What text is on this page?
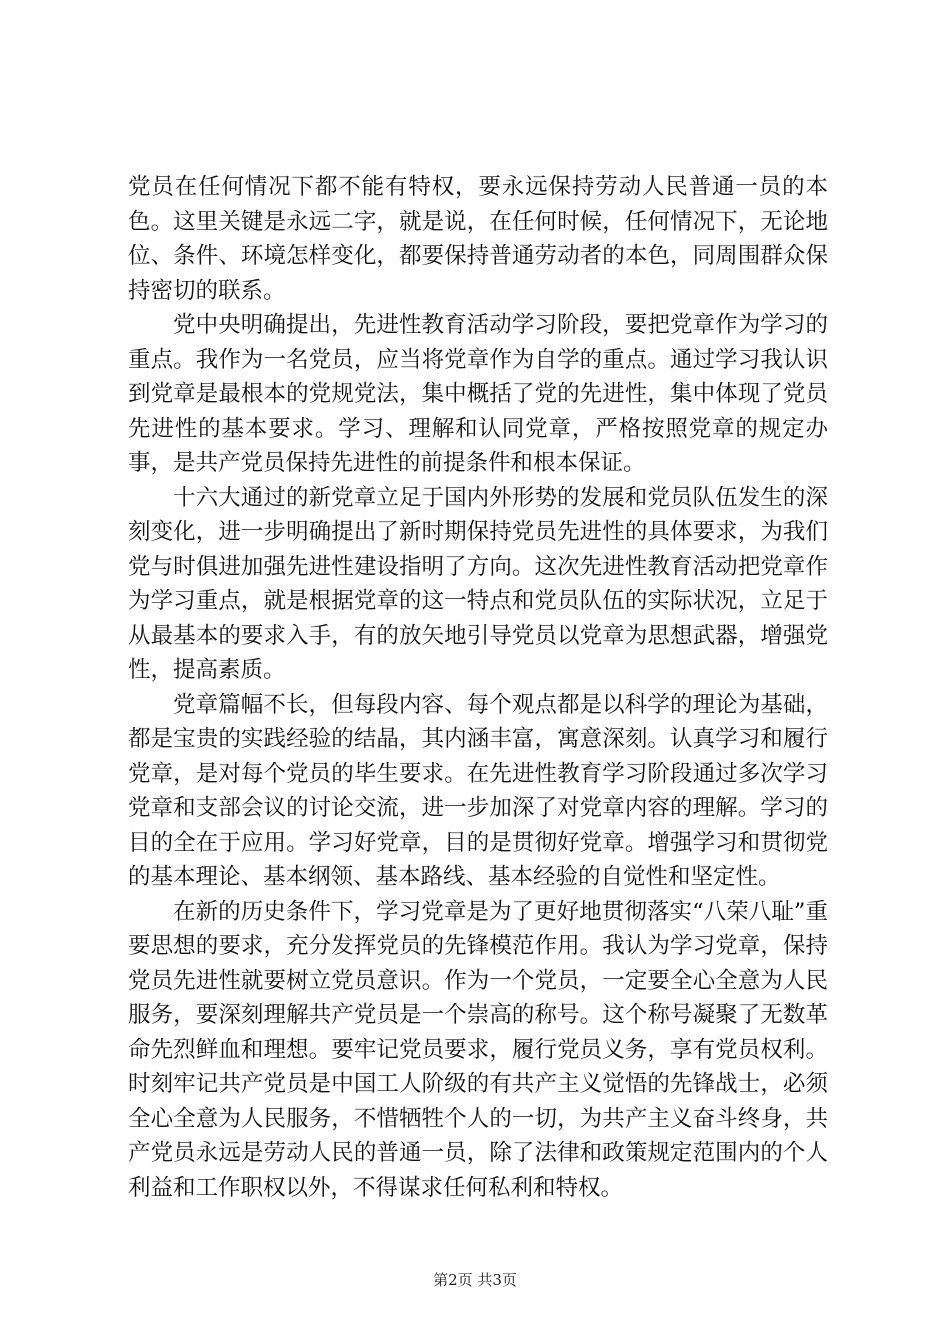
党员在任何情况下都不能有特权，要永远保持劳动人民普通一员的本色。这里关键是永远二字，就是说，在任何时候，任何情况下，无论地位、条件、环境怎样变化，都要保持普通劳动者的本色，同周围群众保持密切的联系。

党中央明确提出，先进性教育活动学习阶段，要把党章作为学习的重点。我作为一名党员，应当将党章作为自学的重点。通过学习我认识到党章是最根本的党规党法，集中概括了党的先进性，集中体现了党员先进性的基本要求。学习、理解和认同党章，严格按照党章的规定办事，是共产党员保持先进性的前提条件和根本保证。

十六大通过的新党章立足于国内外形势的发展和党员队伍发生的深刻变化，进一步明确提出了新时期保持党员先进性的具体要求，为我们党与时俱进加强先进性建设指明了方向。这次先进性教育活动把党章作为学习重点，就是根据党章的这一特点和党员队伍的实际状况，立足于从最基本的要求入手，有的放矢地引导党员以党章为思想武器，增强党性，提高素质。

党章篇幅不长，但每段内容、每个观点都是以科学的理论为基础，都是宝贵的实践经验的结晶，其内涵丰富，寓意深刻。认真学习和履行党章，是对每个党员的毕生要求。在先进性教育学习阶段通过多次学习党章和支部会议的讨论交流，进一步加深了对党章内容的理解。学习的目的全在于应用。学习好党章，目的是贯彻好党章。增强学习和贯彻党的基本理论、基本纲领、基本路线、基本经验的自觉性和坚定性。

在新的历史条件下，学习党章是为了更好地贯彻落实“八荣八耻”重要思想的要求，充分发挥党员的先锋模范作用。我认为学习党章，保持党员先进性就要树立党员意识。作为一个党员，一定要全心全意为人民服务，要深刻理解共产党员是一个崇高的称号。这个称号凝聚了无数革命先烈鲜血和理想。要牢记党员要求，履行党员义务，享有党员权利。时刻牢记共产党员是中国工人阶级的有共产主义觉悟的先锋战士，必须全心全意为人民服务，不惜牺牲个人的一切，为共产主义奋斗终身，共产党员永远是劳动人民的普通一员，除了法律和政策规定范围内的个人利益和工作职权以外，不得谋求任何私利和特权。

第2页 共3页
